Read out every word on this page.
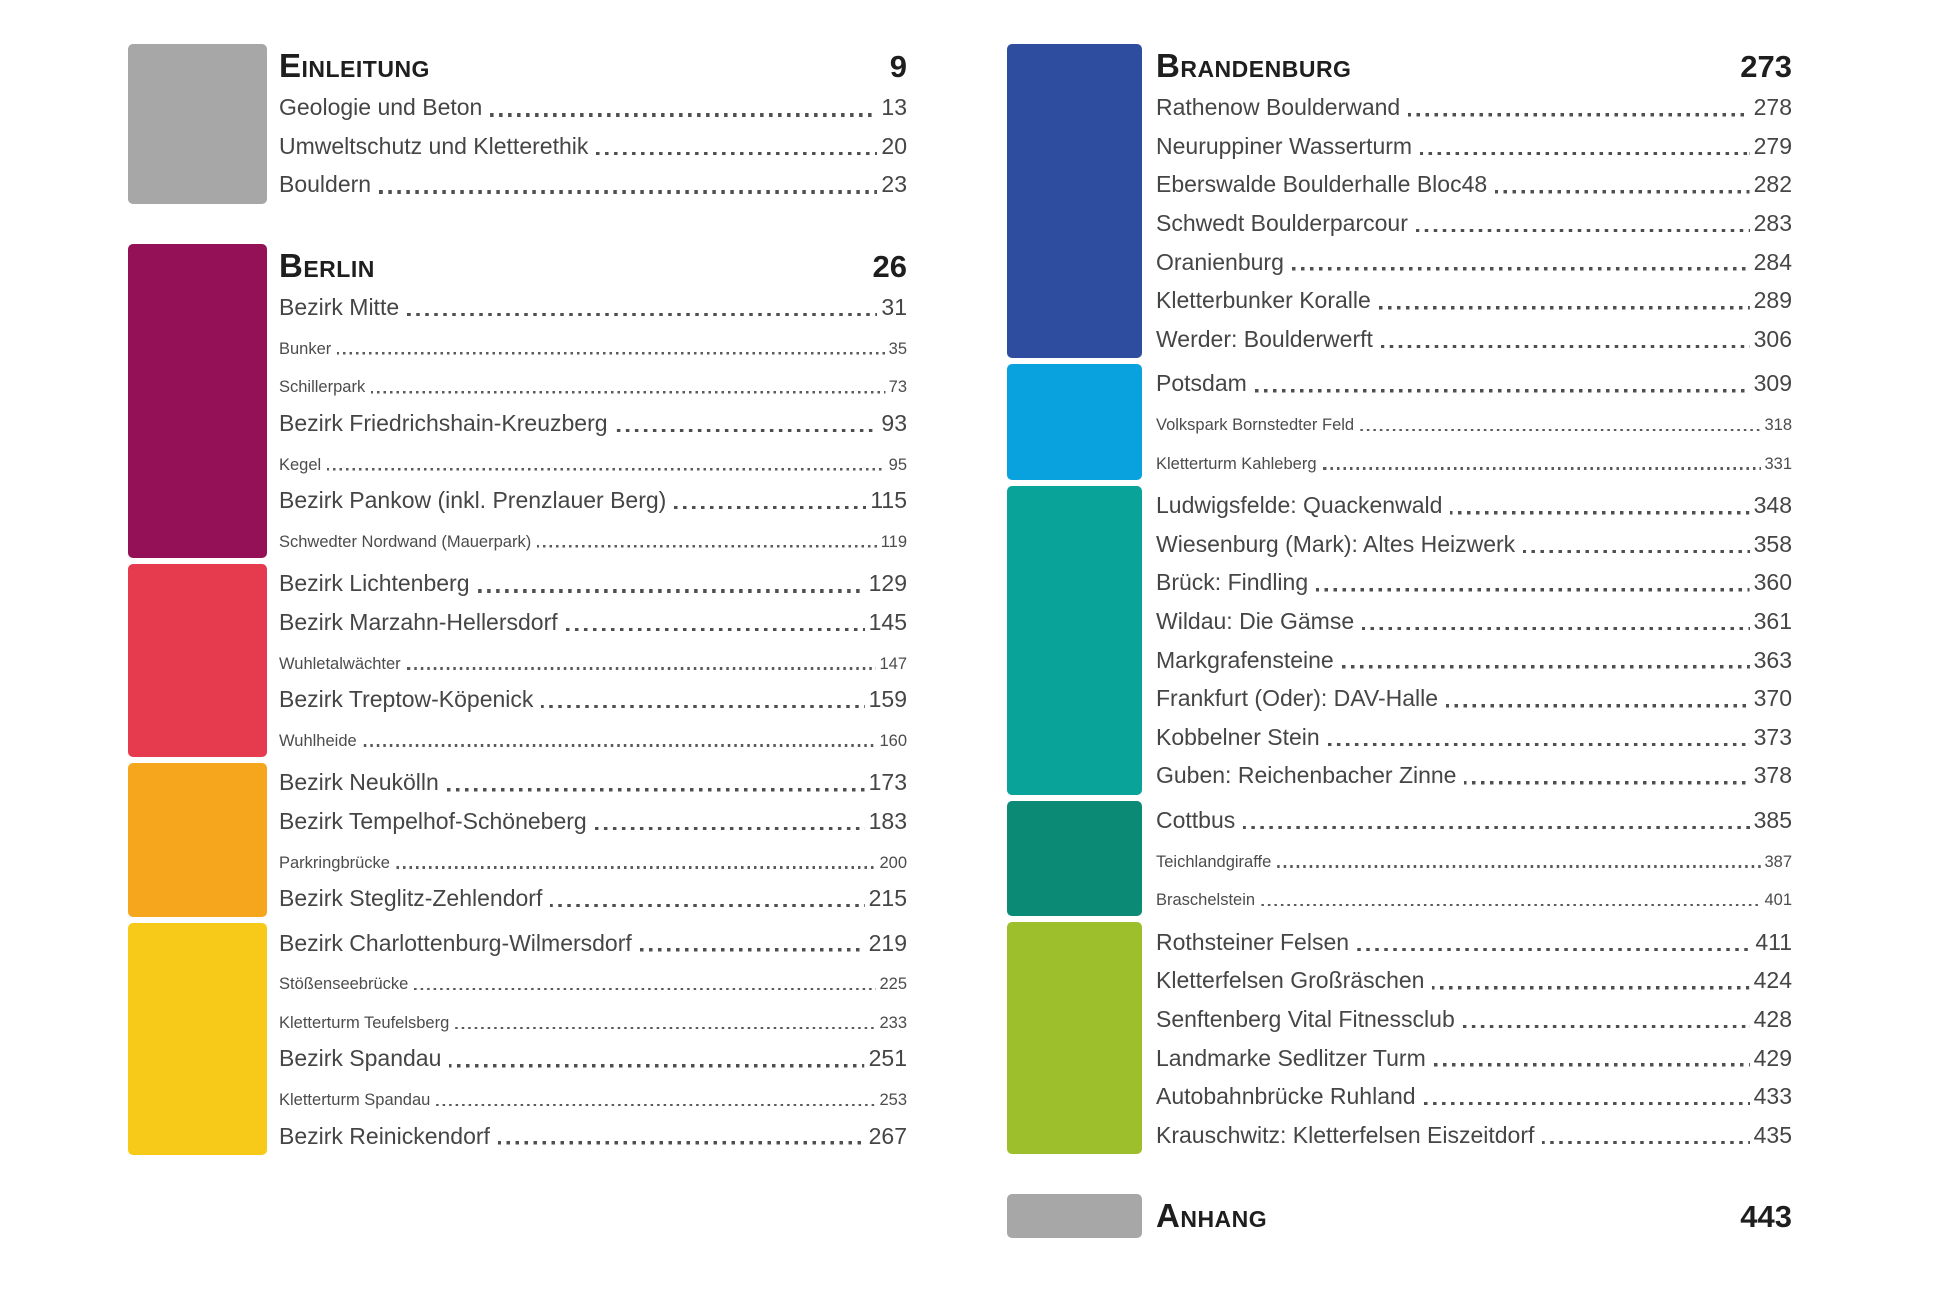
Einleitung	9
Geologie und Beton	13
Umweltschutz und Kletterethik	20
Bouldern	23
Berlin	26
Bezirk Mitte	31
Bunker	35
Schillerpark	73
Bezirk Friedrichshain-Kreuzberg	93
Kegel	95
Bezirk Pankow (inkl. Prenzlauer Berg)	115
Schwedter Nordwand (Mauerpark)	119
Bezirk Lichtenberg	129
Bezirk Marzahn-Hellersdorf	145
Wuhletalwächter	147
Bezirk Treptow-Köpenick	159
Wuhlheide	160
Bezirk Neukölln	173
Bezirk Tempelhof-Schöneberg	183
Parkringbrücke	200
Bezirk Steglitz-Zehlendorf	215
Bezirk Charlottenburg-Wilmersdorf	219
Stößenseebrücke	225
Kletterturm Teufelsberg	233
Bezirk Spandau	251
Kletterturm Spandau	253
Bezirk Reinickendorf	267
Brandenburg	273
Rathenow Boulderwand	278
Neuruppiner Wasserturm	279
Eberswalde Boulderhalle Bloc48	282
Schwedt Boulderparcour	283
Oranienburg	284
Kletterbunker Koralle	289
Werder: Boulderwerft	306
Potsdam	309
Volkspark Bornstedter Feld	318
Kletterturm Kahleberg	331
Ludwigsfelde: Quackenwald	348
Wiesenburg (Mark): Altes Heizwerk	358
Brück: Findling	360
Wildau: Die Gämse	361
Markgrafensteine	363
Frankfurt (Oder): DAV-Halle	370
Kobbelner Stein	373
Guben: Reichenbacher Zinne	378
Cottbus	385
Teichlandgiraffe	387
Braschelstein	401
Rothsteiner Felsen	411
Kletterfelsen Großräschen	424
Senftenberg Vital Fitnessclub	428
Landmarke Sedlitzer Turm	429
Autobahnbrücke Ruhland	433
Krauschwitz: Kletterfelsen Eiszeitdorf	435
Anhang	443
